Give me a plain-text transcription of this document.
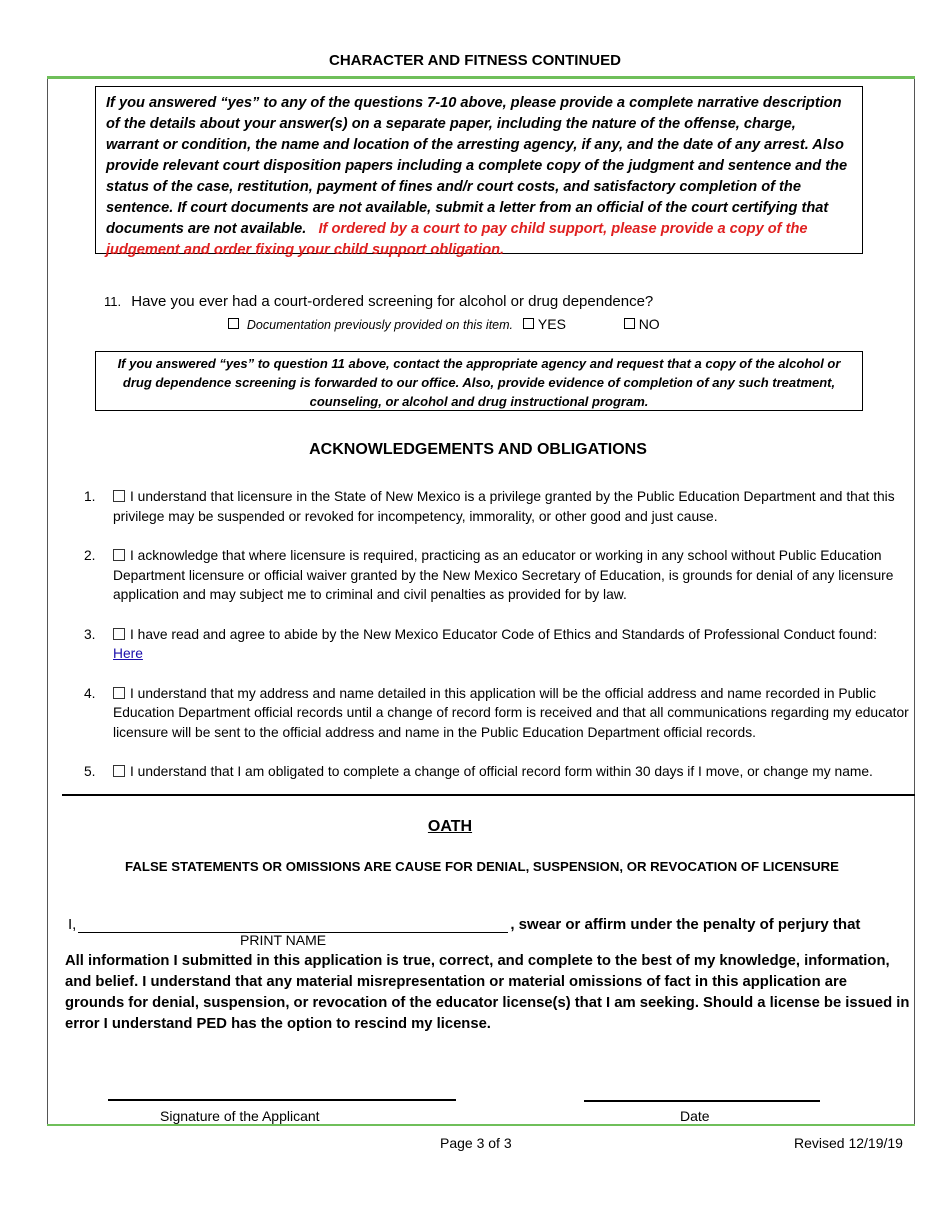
CHARACTER AND FITNESS CONTINUED
If you answered “yes” to any of the questions 7-10 above, please provide a complete narrative description of the details about your answer(s) on a separate paper, including the nature of the offense, charge, warrant or condition, the name and location of the arresting agency, if any, and the date of any arrest. Also provide relevant court disposition papers including a complete copy of the judgment and sentence and the status of the case, restitution, payment of fines and/r court costs, and satisfactory completion of the sentence. If court documents are not available, submit a letter from an official of the court certifying that documents are not available. If ordered by a court to pay child support, please provide a copy of the judgement and order fixing your child support obligation.
11. Have you ever had a court-ordered screening for alcohol or drug dependence?
Documentation previously provided on this item. YES	NO
If you answered “yes” to question 11 above, contact the appropriate agency and request that a copy of the alcohol or drug dependence screening is forwarded to our office. Also, provide evidence of completion of any such treatment, counseling, or alcohol and drug instructional program.
ACKNOWLEDGEMENTS AND OBLIGATIONS
1.	I understand that licensure in the State of New Mexico is a privilege granted by the Public Education Department and that this privilege may be suspended or revoked for incompetency, immorality, or other good and just cause.
2.	I acknowledge that where licensure is required, practicing as an educator or working in any school without Public Education Department licensure or official waiver granted by the New Mexico Secretary of Education, is grounds for denial of any licensure application and may subject me to criminal and civil penalties as provided for by law.
3.	I have read and agree to abide by the New Mexico Educator Code of Ethics and Standards of Professional Conduct found:
Here
4.	I understand that my address and name detailed in this application will be the official address and name recorded in Public Education Department official records until a change of record form is received and that all communications regarding my educator licensure will be sent to the official address and name in the Public Education Department official records.
5.	I understand that I am obligated to complete a change of official record form within 30 days if I move, or change my name.
OATH
FALSE STATEMENTS OR OMISSIONS ARE CAUSE FOR DENIAL, SUSPENSION, OR REVOCATION OF LICENSURE
I,	, swear or affirm under the penalty of perjury that
PRINT NAME
All information I submitted in this application is true, correct, and complete to the best of my knowledge, information, and belief. I understand that any material misrepresentation or material omissions of fact in this application are grounds for denial, suspension, or revocation of the educator license(s) that I am seeking. Should a license be issued in error I understand PED has the option to rescind my license.
Signature of the Applicant	Date
Page 3 of 3	Revised 12/19/19
